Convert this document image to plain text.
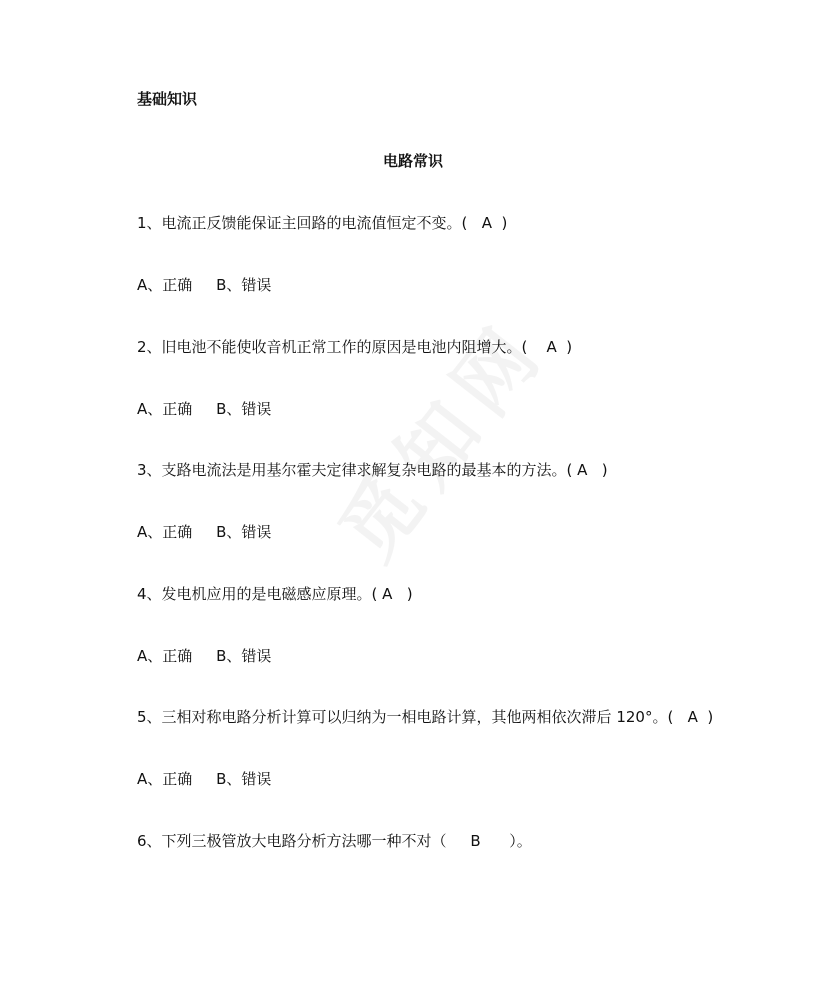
基础知识
电路常识

1、电流正反馈能保证主回路的电流值恒定不变。(   A  )

A、正确     B、错误

2、旧电池不能使收音机正常工作的原因是电池内阻增大。(    A  )

A、正确     B、错误

3、支路电流法是用基尔霍夫定律求解复杂电路的最基本的方法。( A   )

A、正确     B、错误

4、发电机应用的是电磁感应原理。( A   )

A、正确     B、错误

5、三相对称电路分析计算可以归纳为一相电路计算，其他两相依次滞后 120°。(   A  )

A、正确     B、错误

6、下列三极管放大电路分析方法哪一种不对（     B      ）。
